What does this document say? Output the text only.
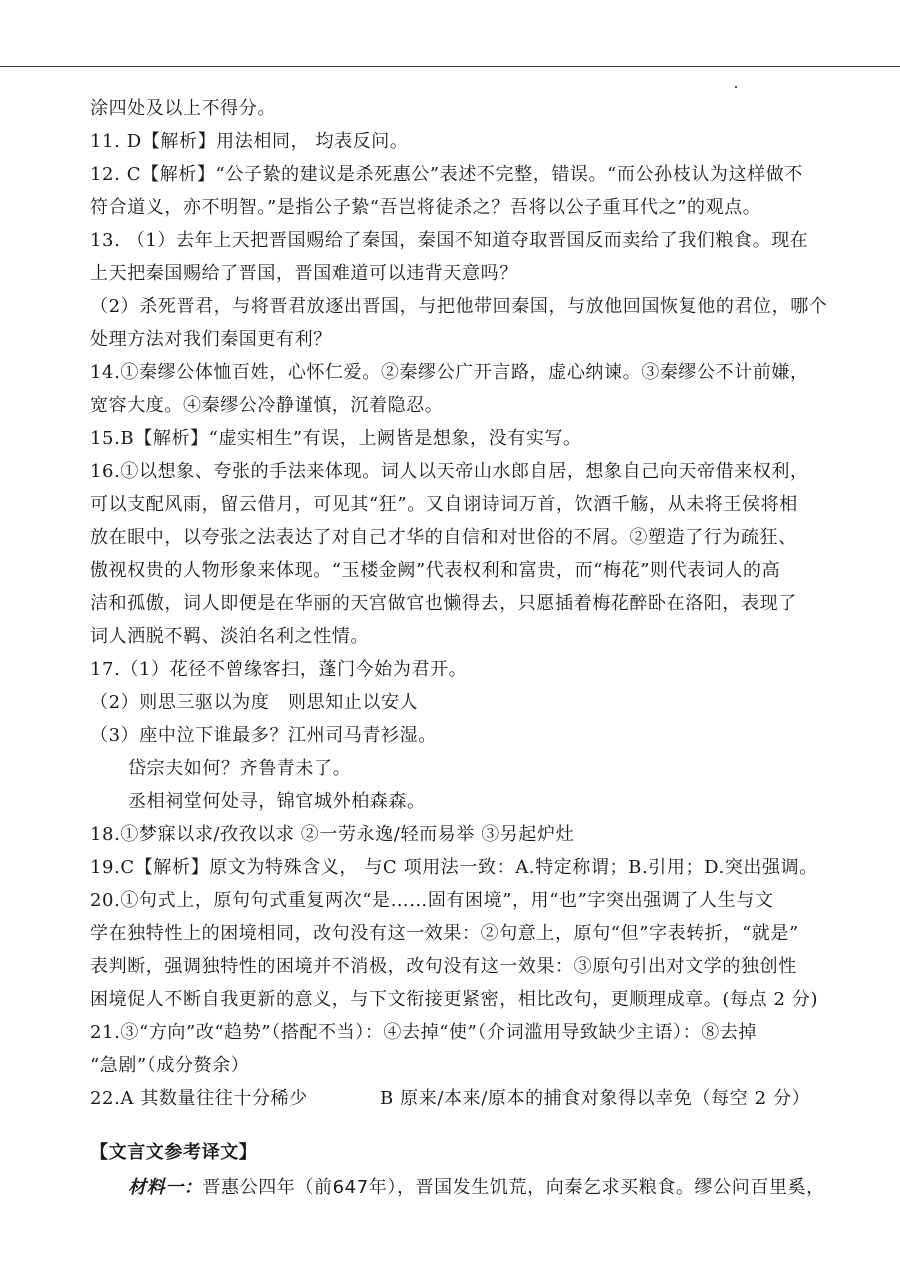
涂四处及以上不得分。
11. D【解析】用法相同， 均表反问。
12. C【解析】“公子絷的建议是杀死惠公”表述不完整，错误。“而公孙枝认为这样做不
符合道义，亦不明智。”是指公子絷“吾岂将徒杀之？吾将以公子重耳代之”的观点。
13. （1）去年上天把晋国赐给了秦国，秦国不知道夺取晋国反而卖给了我们粮食。现在
上天把秦国赐给了晋国，晋国难道可以违背天意吗？
（2）杀死晋君，与将晋君放逐出晋国，与把他带回秦国，与放他回国恢复他的君位，哪个
处理方法对我们秦国更有利？
14.①秦缪公体恤百姓，心怀仁爱。②秦缪公广开言路，虚心纳谏。③秦缪公不计前嫌，
宽容大度。④秦缪公冷静谨慎，沉着隐忍。
15.B【解析】“虚实相生”有误，上阙皆是想象，没有实写。
16.①以想象、夸张的手法来体现。词人以天帝山水郎自居，想象自己向天帝借来权利，
可以支配风雨，留云借月，可见其“狂”。又自诩诗词万首，饮酒千觞，从未将王侯将相
放在眼中，以夸张之法表达了对自己才华的自信和对世俗的不屑。②塑造了行为疏狂、
傲视权贵的人物形象来体现。“玉楼金阙”代表权利和富贵，而“梅花”则代表词人的高
洁和孤傲，词人即便是在华丽的天宫做官也懒得去，只愿插着梅花醉卧在洛阳，表现了
词人洒脱不羁、淡泊名利之性情。
17.（1）花径不曾缘客扫，蓬门今始为君开。
（2）则思三驱以为度　则思知止以安人
（3）座中泣下谁最多？江州司马青衫湿。
岱宗夫如何？齐鲁青未了。
丞相祠堂何处寻，锦官城外柏森森。
18.①梦寐以求/孜孜以求 ②一劳永逸/轻而易举 ③另起炉灶
19.C【解析】原文为特殊含义， 与C 项用法一致：A.特定称谓；B.引用；D.突出强调。
20.①句式上，原句句式重复两次“是……固有困境”，用“也”字突出强调了人生与文
学在独特性上的困境相同，改句没有这一效果：②句意上，原句“但”字表转折，“就是”
表判断，强调独特性的困境并不消极，改句没有这一效果：③原句引出对文学的独创性
困境促人不断自我更新的意义，与下文衔接更紧密，相比改句，更顺理成章。(每点 2 分)
21.③“方向”改“趋势”（搭配不当）：④去掉“使”（介词滥用导致缺少主语）：⑧去掉
“急剧”（成分赘余）
22.A 其数量往往十分稀少	B 原来/本来/原本的捕食对象得以幸免（每空 2 分）
【文言文参考译文】
材料一：晋惠公四年（前647年），晋国发生饥荒，向秦乞求买粮食。缪公问百里奚，
